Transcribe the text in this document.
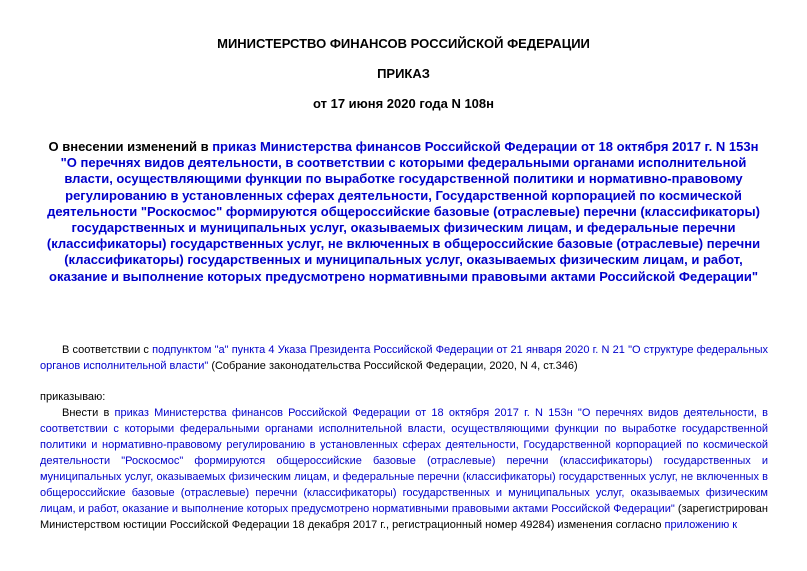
МИНИСТЕРСТВО ФИНАНСОВ РОССИЙСКОЙ ФЕДЕРАЦИИ

ПРИКАЗ

от 17 июня 2020 года N 108н

О внесении изменений в приказ Министерства финансов Российской Федерации от 18 октября 2017 г. N 153н "О перечнях видов деятельности, в соответствии с которыми федеральными органами исполнительной власти, осуществляющими функции по выработке государственной политики и нормативно-правовому регулированию в установленных сферах деятельности, Государственной корпорацией по космической деятельности "Роскосмос" формируются общероссийские базовые (отраслевые) перечни (классификаторы) государственных и муниципальных услуг, оказываемых физическим лицам, и федеральные перечни (классификаторы) государственных услуг, не включенных в общероссийские базовые (отраслевые) перечни (классификаторы) государственных и муниципальных услуг, оказываемых физическим лицам, и работ, оказание и выполнение которых предусмотрено нормативными правовыми актами Российской Федерации"

В соответствии с подпунктом "а" пункта 4 Указа Президента Российской Федерации от 21 января 2020 г. N 21 "О структуре федеральных органов исполнительной власти" (Собрание законодательства Российской Федерации, 2020, N 4, ст.346)

приказываю:

Внести в приказ Министерства финансов Российской Федерации от 18 октября 2017 г. N 153н "О перечнях видов деятельности, в соответствии с которыми федеральными органами исполнительной власти, осуществляющими функции по выработке государственной политики и нормативно-правовому регулированию в установленных сферах деятельности, Государственной корпорацией по космической деятельности "Роскосмос" формируются общероссийские базовые (отраслевые) перечни (классификаторы) государственных и муниципальных услуг, оказываемых физическим лицам, и федеральные перечни (классификаторы) государственных услуг, не включенных в общероссийские базовые (отраслевые) перечни (классификаторы) государственных и муниципальных услуг, оказываемых физическим лицам, и работ, оказание и выполнение которых предусмотрено нормативными правовыми актами Российской Федерации" (зарегистрирован Министерством юстиции Российской Федерации 18 декабря 2017 г., регистрационный номер 49284) изменения согласно приложению к
